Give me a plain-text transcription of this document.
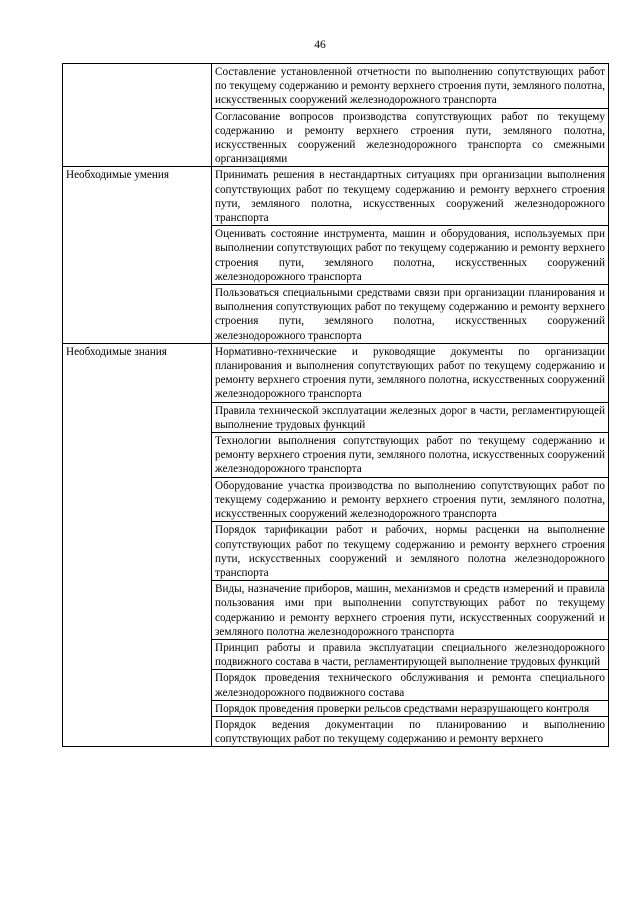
46
	Составление установленной отчетности по выполнению сопутствующих работ по текущему содержанию и ремонту верхнего строения пути, земляного полотна, искусственных сооружений железнодорожного транспорта
	Согласование вопросов производства сопутствующих работ по текущему содержанию и ремонту верхнего строения пути, земляного полотна, искусственных сооружений железнодорожного транспорта со смежными организациями
Необходимые умения	Принимать решения в нестандартных ситуациях при организации выполнения сопутствующих работ по текущему содержанию и ремонту верхнего строения пути, земляного полотна, искусственных сооружений железнодорожного транспорта
	Оценивать состояние инструмента, машин и оборудования, используемых при выполнении сопутствующих работ по текущему содержанию и ремонту верхнего строения пути, земляного полотна, искусственных сооружений железнодорожного транспорта
	Пользоваться специальными средствами связи при организации планирования и выполнения сопутствующих работ по текущему содержанию и ремонту верхнего строения пути, земляного полотна, искусственных сооружений железнодорожного транспорта
Необходимые знания	Нормативно-технические и руководящие документы по организации планирования и выполнения сопутствующих работ по текущему содержанию и ремонту верхнего строения пути, земляного полотна, искусственных сооружений железнодорожного транспорта
	Правила технической эксплуатации железных дорог в части, регламентирующей выполнение трудовых функций
	Технологии выполнения сопутствующих работ по текущему содержанию и ремонту верхнего строения пути, земляного полотна, искусственных сооружений железнодорожного транспорта
	Оборудование участка производства по выполнению сопутствующих работ по текущему содержанию и ремонту верхнего строения пути, земляного полотна, искусственных сооружений железнодорожного транспорта
	Порядок тарификации работ и рабочих, нормы расценки на выполнение сопутствующих работ по текущему содержанию и ремонту верхнего строения пути, искусственных сооружений и земляного полотна железнодорожного транспорта
	Виды, назначение приборов, машин, механизмов и средств измерений и правила пользования ими при выполнении сопутствующих работ по текущему содержанию и ремонту верхнего строения пути, искусственных сооружений и земляного полотна железнодорожного транспорта
	Принцип работы и правила эксплуатации специального железнодорожного подвижного состава в части, регламентирующей выполнение трудовых функций
	Порядок проведения технического обслуживания и ремонта специального железнодорожного подвижного состава
	Порядок проведения проверки рельсов средствами неразрушающего контроля
	Порядок ведения документации по планированию и выполнению сопутствующих работ по текущему содержанию и ремонту верхнего
